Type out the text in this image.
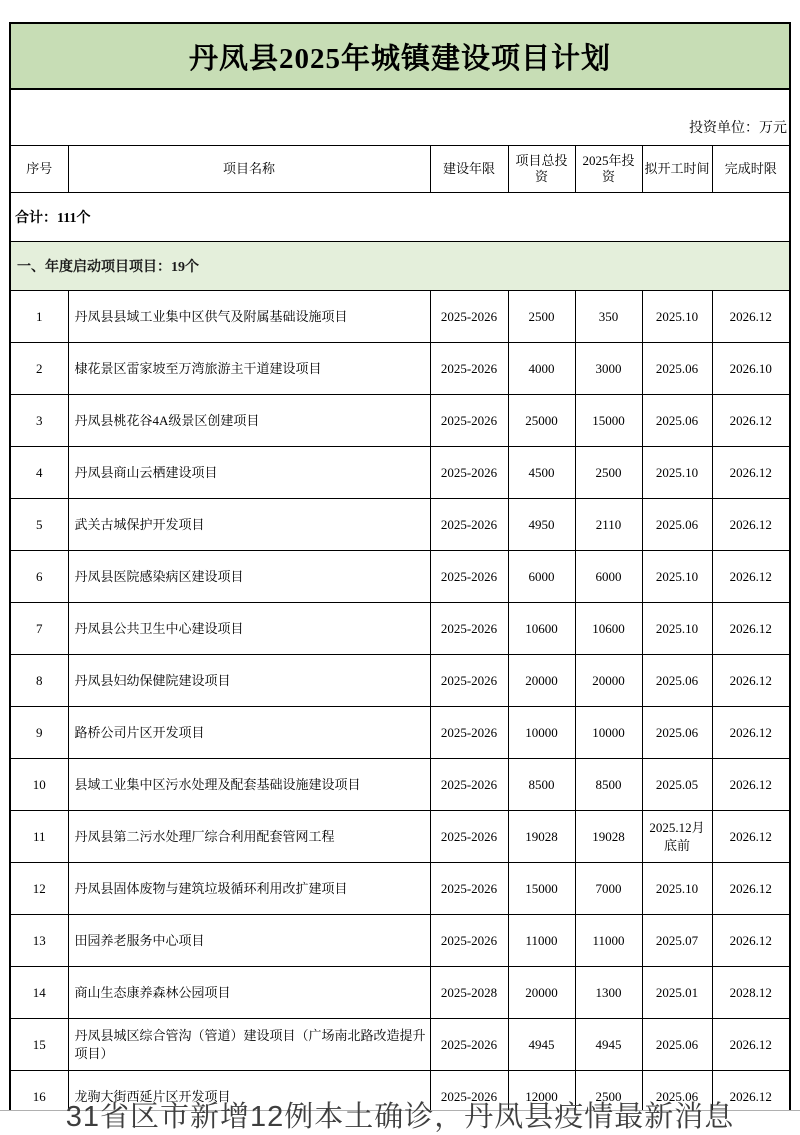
丹凤县2025年城镇建设项目计划						
投资单位：万元						
序号	项目名称	建设年限	项目总投资	2025年投资	拟开工时间	完成时限
合计：111个						
一、年度启动项目项目：19个						
1	丹凤县县域工业集中区供气及附属基础设施项目	2025-2026	2500	350	2025.10	2026.12
2	棣花景区雷家坡至万湾旅游主干道建设项目	2025-2026	4000	3000	2025.06	2026.10
3	丹凤县桃花谷4A级景区创建项目	2025-2026	25000	15000	2025.06	2026.12
4	丹凤县商山云栖建设项目	2025-2026	4500	2500	2025.10	2026.12
5	武关古城保护开发项目	2025-2026	4950	2110	2025.06	2026.12
6	丹凤县医院感染病区建设项目	2025-2026	6000	6000	2025.10	2026.12
7	丹凤县公共卫生中心建设项目	2025-2026	10600	10600	2025.10	2026.12
8	丹凤县妇幼保健院建设项目	2025-2026	20000	20000	2025.06	2026.12
9	路桥公司片区开发项目	2025-2026	10000	10000	2025.06	2026.12
10	县域工业集中区污水处理及配套基础设施建设项目	2025-2026	8500	8500	2025.05	2026.12
11	丹凤县第二污水处理厂综合利用配套管网工程	2025-2026	19028	19028	2025.12月底前	2026.12
12	丹凤县固体废物与建筑垃圾循环利用改扩建项目	2025-2026	15000	7000	2025.10	2026.12
13	田园养老服务中心项目	2025-2026	11000	11000	2025.07	2026.12
14	商山生态康养森林公园项目	2025-2028	20000	1300	2025.01	2028.12
15	丹凤县城区综合管沟（管道）建设项目（广场南北路改造提升项目）	2025-2026	4945	4945	2025.06	2026.12
16	龙驹大街西延片区开发项目	2025-2026	12000	2500	2025.06	2026.12
31省区市新增12例本土确诊，丹凤县疫情最新消息
